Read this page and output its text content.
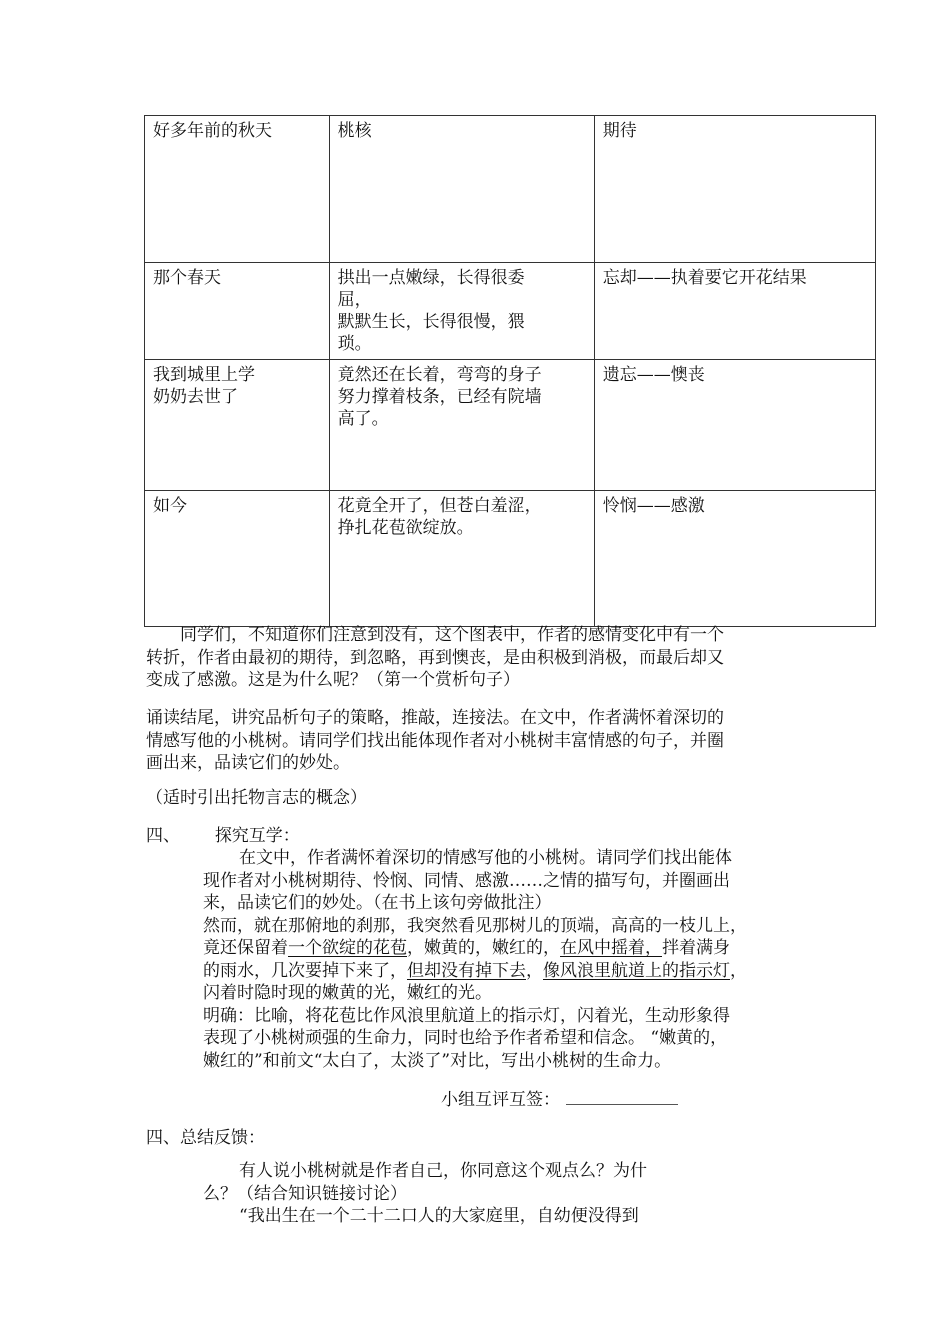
好多年前的秋天	桃核	期待

那个春天	拱出一点嫩绿，长得很委
屈，
默默生长，长得很慢，猥
琐。	忘却——执着要它开花结果

我到城里上学
奶奶去世了	竟然还在长着，弯弯的身子
努力撑着枝条，已经有院墙
高了。	遗忘——懊丧

如今	花竟全开了，但苍白羞涩，
挣扎花苞欲绽放。	怜悯——感激
同学们，不知道你们注意到没有，这个图表中，作者的感情变化中有一个
转折，作者由最初的期待，到忽略，再到懊丧，是由积极到消极，而最后却又
变成了感激。这是为什么呢？（第一个赏析句子）
诵读结尾，讲究品析句子的策略，推敲，连接法。在文中，作者满怀着深切的
情感写他的小桃树。请同学们找出能体现作者对小桃树丰富情感的句子，并圈
画出来，品读它们的妙处。
（适时引出托物言志的概念）
四、 探究互学：
在文中，作者满怀着深切的情感写他的小桃树。请同学们找出能体
现作者对小桃树期待、怜悯、同情、感激……之情的描写句，并圈画出
来，品读它们的妙处。（在书上该句旁做批注）
然而，就在那俯地的刹那，我突然看见那树儿的顶端，高高的一枝儿上，
竟还保留着一个欲绽的花苞，嫩黄的，嫩红的，在风中摇着，拌着满身
的雨水，几次要掉下来了，但却没有掉下去，像风浪里航道上的指示灯，
闪着时隐时现的嫩黄的光，嫩红的光。
明确：比喻，将花苞比作风浪里航道上的指示灯，闪着光，生动形象得
表现了小桃树顽强的生命力，同时也给予作者希望和信念。 “嫩黄的，
嫩红的”和前文“太白了，太淡了”对比，写出小桃树的生命力。
小组互评互签：
四、总结反馈：
有人说小桃树就是作者自己，你同意这个观点么？为什
么？（结合知识链接讨论）
“我出生在一个二十二口人的大家庭里，自幼便没得到
